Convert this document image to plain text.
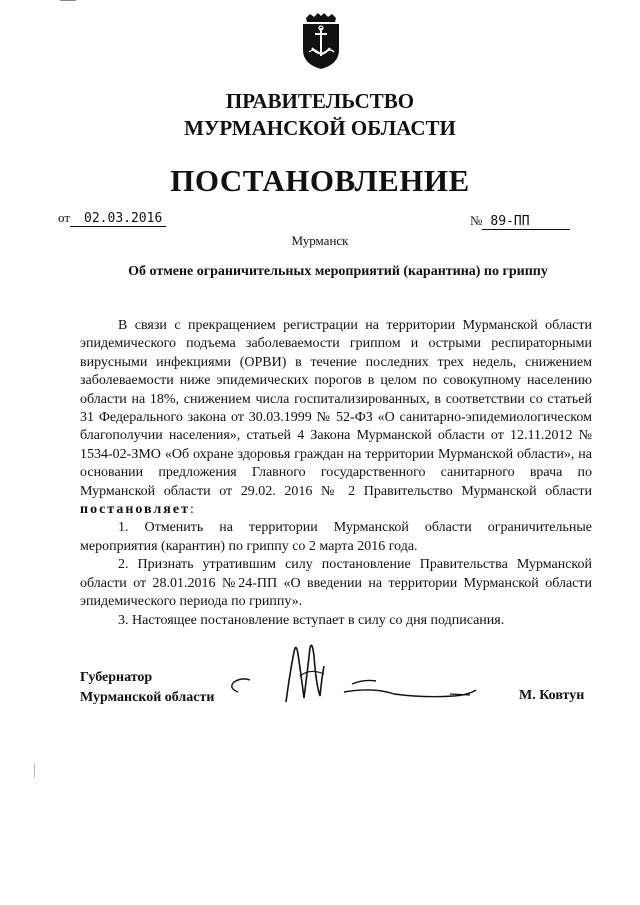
ПРАВИТЕЛЬСТВО
МУРМАНСКОЙ ОБЛАСТИ
ПОСТАНОВЛЕНИЕ
от 02.03.2016	№ 89-ПП
Мурманск
Об отмене ограничительных мероприятий (карантина) по гриппу

В связи с прекращением регистрации на территории Мурманской области эпидемического подъема заболеваемости гриппом и острыми респираторными вирусными инфекциями (ОРВИ) в течение последних трех недель, снижением заболеваемости ниже эпидемических порогов в целом по совокупному населению области на 18%, снижением числа госпитализированных, в соответствии со статьей 31 Федерального закона от 30.03.1999 № 52-ФЗ «О санитарно-эпидемиологическом благополучии населения», статьей 4 Закона Мурманской области от 12.11.2012 № 1534-02-ЗМО «Об охране здоровья граждан на территории Мурманской области», на основании предложения Главного государственного санитарного врача по Мурманской области от 29.02. 2016 № 2 Правительство Мурманской области постановляет:

1. Отменить на территории Мурманской области ограничительные мероприятия (карантин) по гриппу со 2 марта 2016 года.

2. Признать утратившим силу постановление Правительства Мурманской области от 28.01.2016 №24-ПП «О введении на территории Мурманской области эпидемического периода по гриппу».

3. Настоящее постановление вступает в силу со дня подписания.

Губернатор
Мурманской области	М. Ковтун
